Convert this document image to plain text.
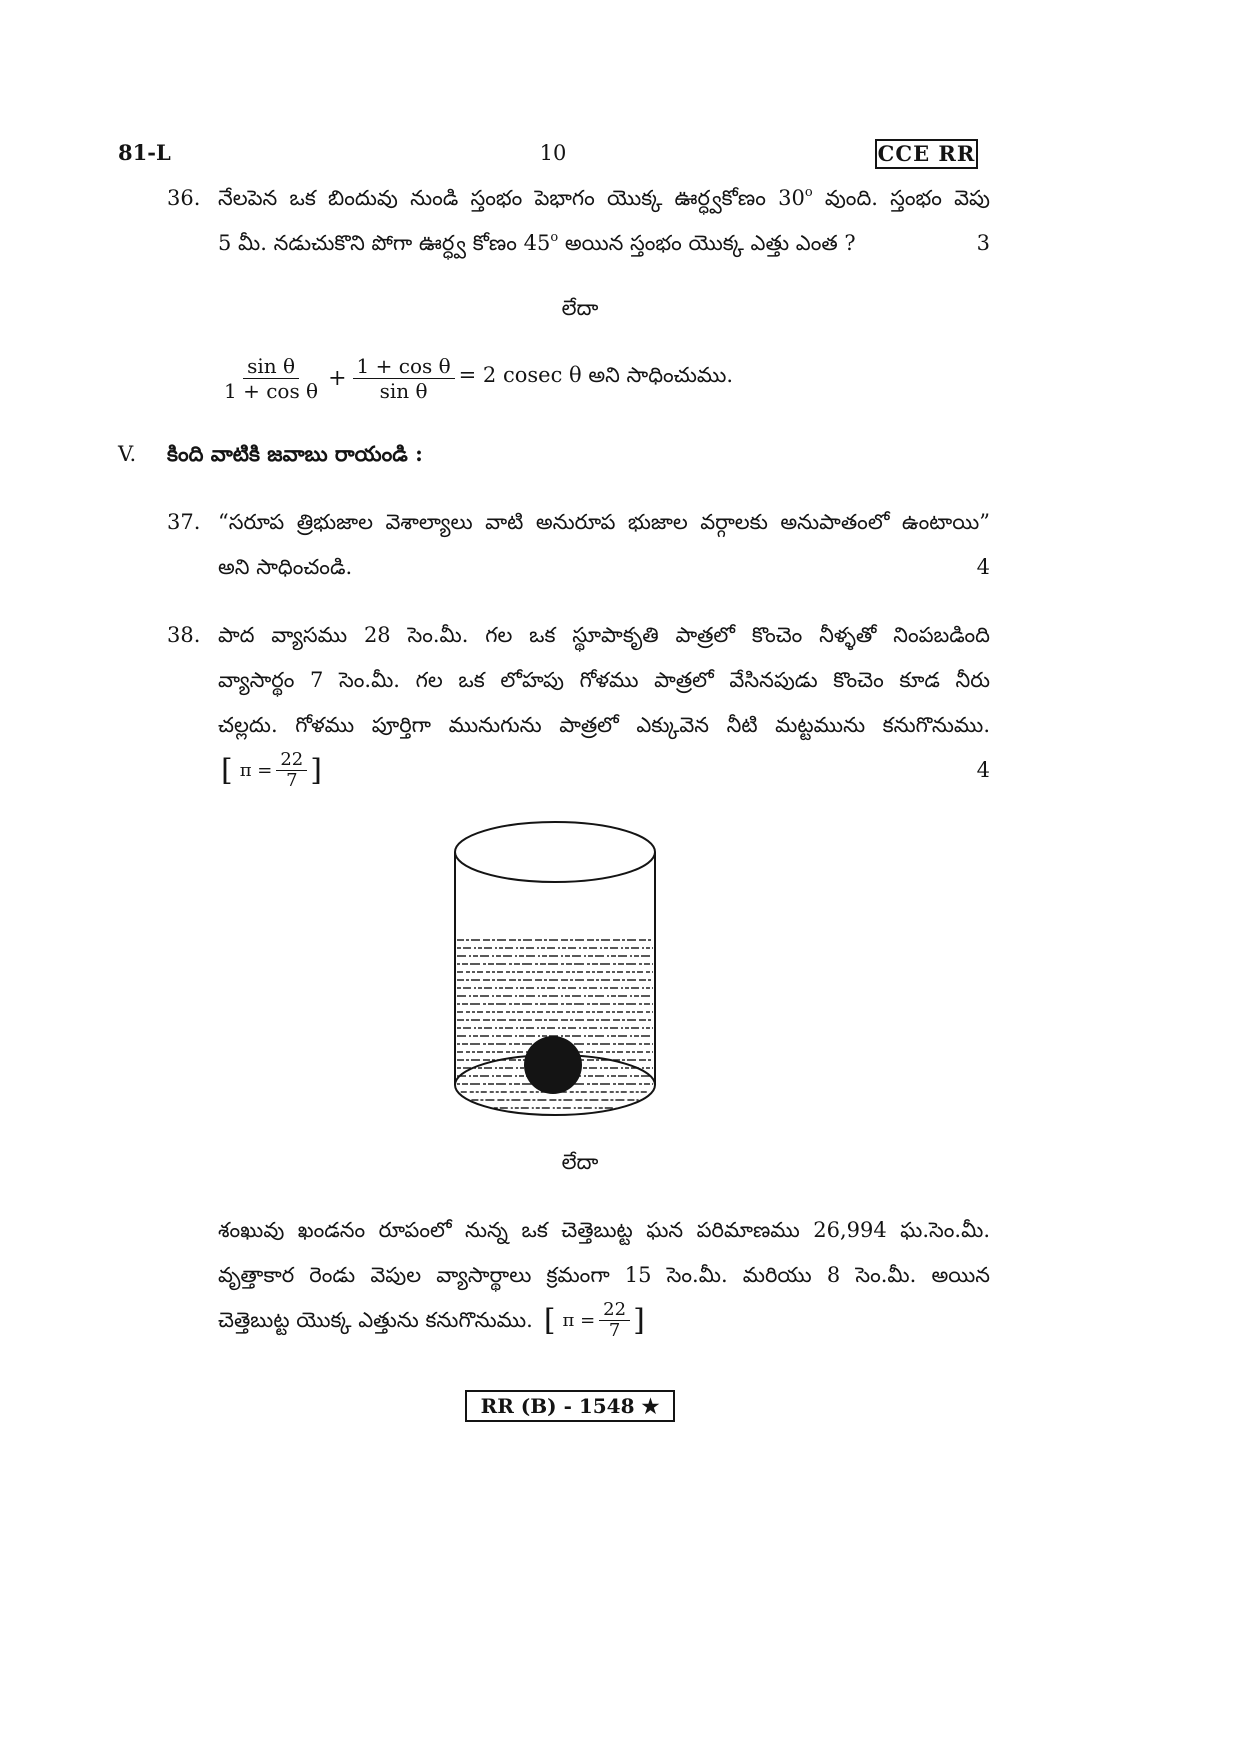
81-L	10	CCE RR
36. నేలపెన ఒక బిందువు నుండి స్తంభం పెభాగం యొక్క ఊర్ధ్వకోణం 30$^o$ వుంది. స్తంభం వెపు
5 మీ. నడుచుకొని పోగా ఊర్ధ్వ కోణం 45$^o$ అయిన స్తంభం యొక్క ఎత్తు ఎంత ?	3
లేదా
$\frac{\text{sin θ}}{\text{1 + cos θ}} + \frac{\text{1 + cos θ}}{\text{sin θ}} = 2$ cosec θ అని సాధించుము.
V. కింది వాటికి జవాబు రాయండి :
37. “సరూప త్రిభుజాల వెశాల్యాలు వాటి అనురూప భుజాల వర్గాలకు అనుపాతంలో ఉంటాయి”
అని సాధించండి.	4
38. పాద వ్యాసము 28 సెం.మీ. గల ఒక స్థూపాకృతి పాత్రలో కొంచెం నీళ్ళతో నింపబడింది
వ్యాసార్థం 7 సెం.మీ. గల ఒక లోహపు గోళము పాత్రలో వేసినపుడు కొంచెం కూడ నీరు
చల్లదు. గోళము పూర్తిగా మునుగును పాత్రలో ఎక్కువెన నీటి మట్టమును కనుగొనుము.
[ $\pi = \frac{22}{7}$ ]	4
లేదా
శంఖువు ఖండనం రూపంలో నున్న ఒక చెత్తెబుట్ట ఘన పరిమాణము 26,994 ఘ.సెం.మీ.
వృత్తాకార రెండు వెపుల వ్యాసార్థాలు క్రమంగా 15 సెం.మీ. మరియు 8 సెం.మీ. అయిన
చెత్తెబుట్ట యొక్క ఎత్తును కనుగొనుము. [ $\pi = \frac{22}{7}$ ]
RR (B) - 1548 ★
